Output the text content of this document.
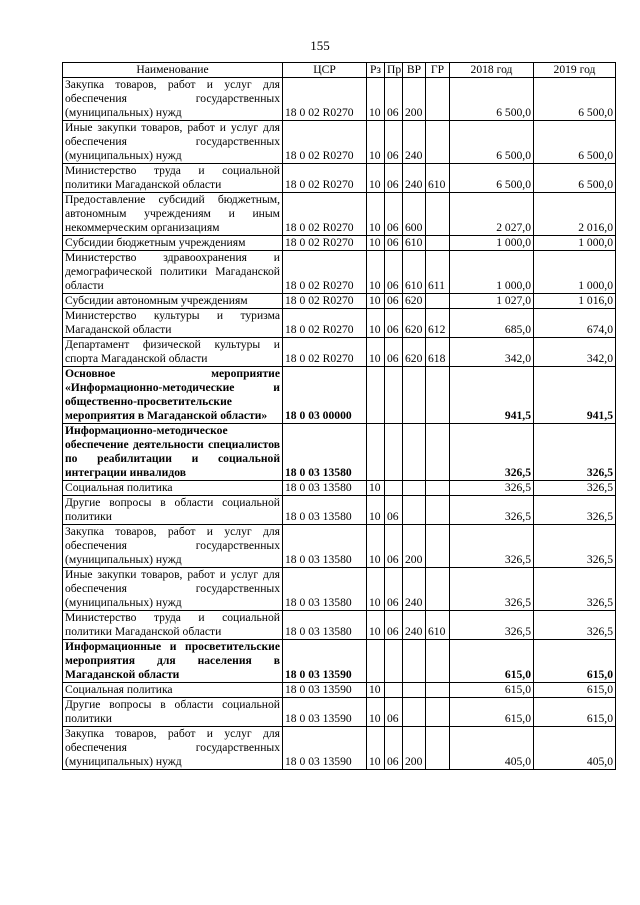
155
Наименование	ЦСР	Рз	Пр	ВР	ГР	2018 год	2019 год
Закупка товаров, работ и услуг для обеспечения государственных (муниципальных) нужд	18 0 02 R0270	10	06	200		6 500,0	6 500,0
Иные закупки товаров, работ и услуг для обеспечения государственных (муниципальных) нужд	18 0 02 R0270	10	06	240		6 500,0	6 500,0
Министерство труда и социальной политики Магаданской области	18 0 02 R0270	10	06	240	610	6 500,0	6 500,0
Предоставление субсидий бюджетным, автономным учреждениям и иным некоммерческим организациям	18 0 02 R0270	10	06	600		2 027,0	2 016,0
Субсидии бюджетным учреждениям	18 0 02 R0270	10	06	610		1 000,0	1 000,0
Министерство здравоохранения и демографической политики Магаданской области	18 0 02 R0270	10	06	610	611	1 000,0	1 000,0
Субсидии автономным учреждениям	18 0 02 R0270	10	06	620		1 027,0	1 016,0
Министерство культуры и туризма Магаданской области	18 0 02 R0270	10	06	620	612	685,0	674,0
Департамент физической культуры и спорта Магаданской области	18 0 02 R0270	10	06	620	618	342,0	342,0
Основное мероприятие «Информационно-методические и общественно-просветительские мероприятия в Магаданской области»	18 0 03 00000					941,5	941,5
Информационно-методическое обеспечение деятельности специалистов по реабилитации и социальной интеграции инвалидов	18 0 03 13580					326,5	326,5
Социальная политика	18 0 03 13580	10				326,5	326,5
Другие вопросы в области социальной политики	18 0 03 13580	10	06			326,5	326,5
Закупка товаров, работ и услуг для обеспечения государственных (муниципальных) нужд	18 0 03 13580	10	06	200		326,5	326,5
Иные закупки товаров, работ и услуг для обеспечения государственных (муниципальных) нужд	18 0 03 13580	10	06	240		326,5	326,5
Министерство труда и социальной политики Магаданской области	18 0 03 13580	10	06	240	610	326,5	326,5
Информационные и просветительские мероприятия для населения в Магаданской области	18 0 03 13590					615,0	615,0
Социальная политика	18 0 03 13590	10				615,0	615,0
Другие вопросы в области социальной политики	18 0 03 13590	10	06			615,0	615,0
Закупка товаров, работ и услуг для обеспечения государственных (муниципальных) нужд	18 0 03 13590	10	06	200		405,0	405,0
